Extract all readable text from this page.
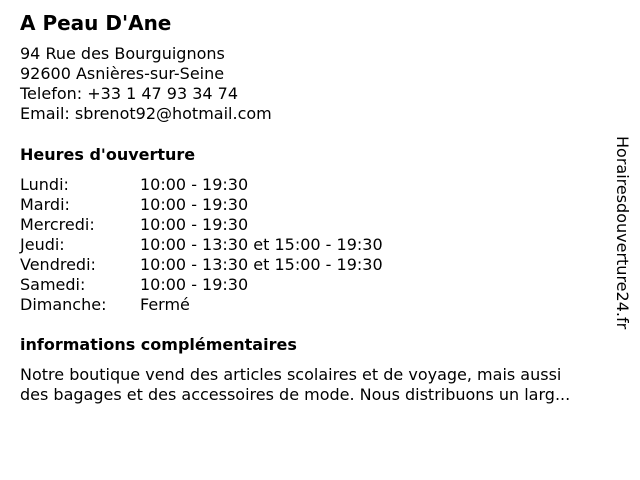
A Peau D'Ane
94 Rue des Bourguignons
92600 Asnières-sur-Seine
Telefon: +33 1 47 93 34 74
Email: sbrenot92@hotmail.com
Heures d'ouverture
Lundi:	10:00 - 19:30
Mardi:	10:00 - 19:30
Mercredi:	10:00 - 19:30
Jeudi:	10:00 - 13:30 et 15:00 - 19:30
Vendredi:	10:00 - 13:30 et 15:00 - 19:30
Samedi:	10:00 - 19:30
Dimanche:	Fermé
informations complémentaires
Notre boutique vend des articles scolaires et de voyage, mais aussi
des bagages et des accessoires de mode. Nous distribuons un larg...
Horairesdouverture24.fr
